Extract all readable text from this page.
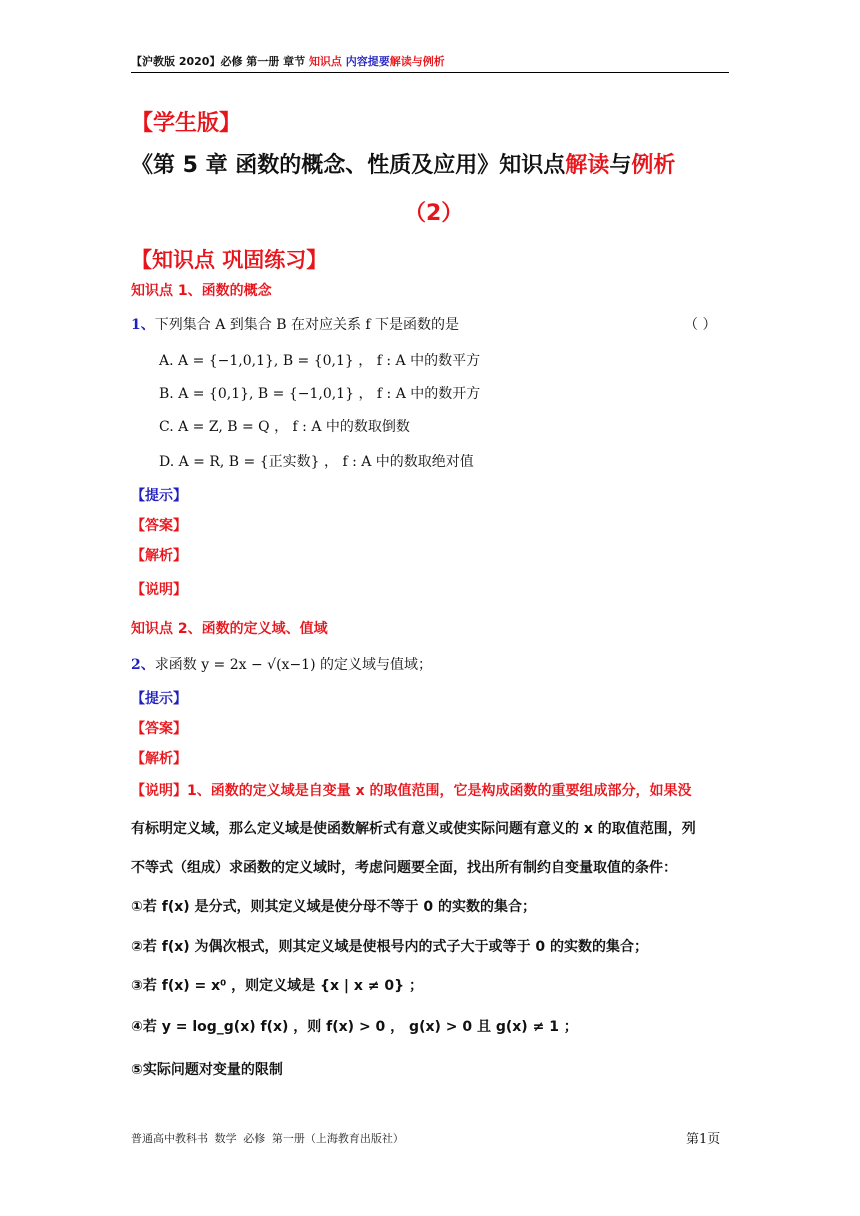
【沪教版 2020】必修 第一册 章节 知识点 内容提要解读与例析
【学生版】
《第 5 章 函数的概念、性质及应用》知识点解读与例析
（2）
【知识点 巩固练习】
知识点 1、函数的概念
1、下列集合 A 到集合 B 在对应关系 f 下是函数的是	（ ）
A. A = {−1,0,1}, B = {0,1} ， f : A 中的数平方
B. A = {0,1}, B = {−1,0,1} ， f : A 中的数开方
C. A = Z, B = Q ， f : A 中的数取倒数
D. A = R, B = {正实数} ， f : A 中的数取绝对值
【提示】
【答案】
【解析】
【说明】
知识点 2、函数的定义域、值域
2、求函数 y = 2x − √(x−1) 的定义域与值域；
【提示】
【答案】
【解析】
【说明】1、函数的定义域是自变量 x 的取值范围，它是构成函数的重要组成部分，如果没
有标明定义域，那么定义域是使函数解析式有意义或使实际问题有意义的 x 的取值范围，列
不等式（组成）求函数的定义域时，考虑问题要全面，找出所有制约自变量取值的条件：
①若 f(x) 是分式，则其定义域是使分母不等于 0 的实数的集合；
②若 f(x) 为偶次根式，则其定义域是使根号内的式子大于或等于 0 的实数的集合；
③若 f(x) = x⁰ ，则定义域是 {x | x ≠ 0} ；
④若 y = log_g(x) f(x) ，则 f(x) > 0 ， g(x) > 0 且 g(x) ≠ 1 ；
⑤实际问题对变量的限制
普通高中教科书 数学 必修 第一册（上海教育出版社）	第1页
